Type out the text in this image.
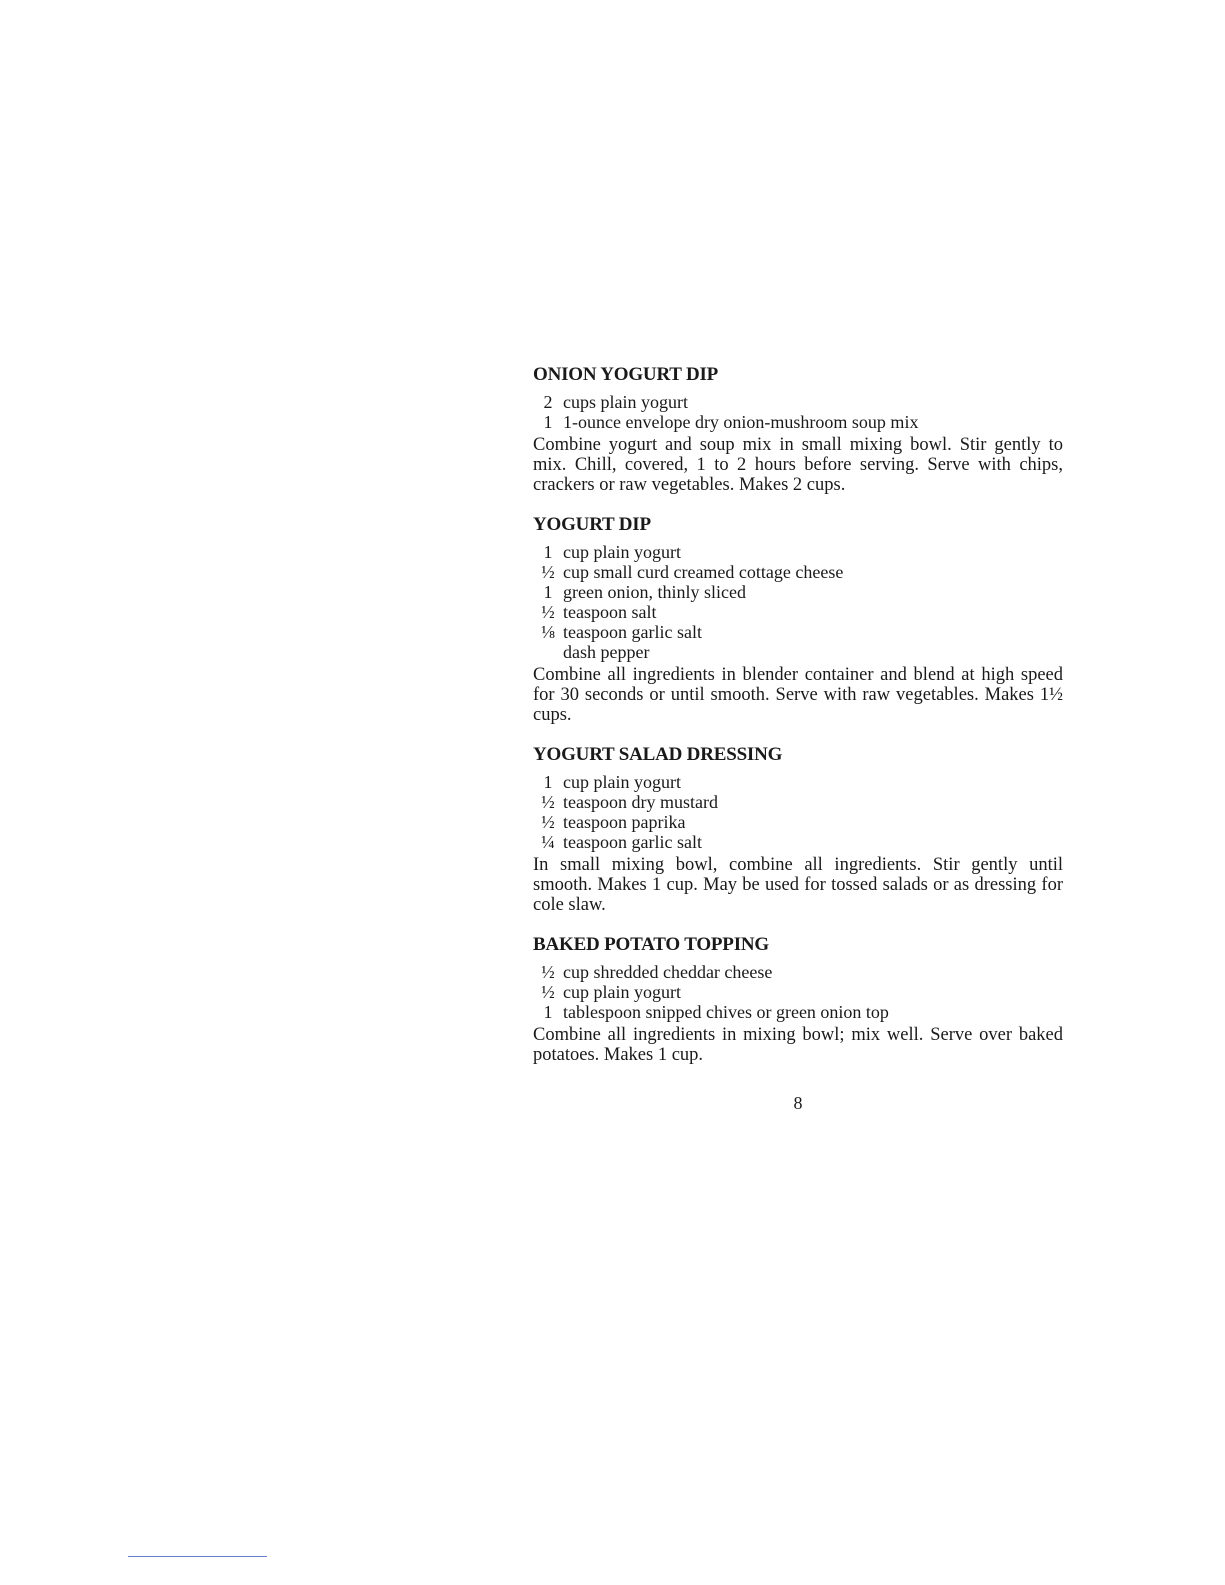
ONION YOGURT DIP
2 cups plain yogurt
1 1-ounce envelope dry onion-mushroom soup mix

Combine yogurt and soup mix in small mixing bowl. Stir gently to mix. Chill, covered, 1 to 2 hours before serving. Serve with chips, crackers or raw vegetables. Makes 2 cups.

YOGURT DIP
1 cup plain yogurt
½ cup small curd creamed cottage cheese
1 green onion, thinly sliced
½ teaspoon salt
⅛ teaspoon garlic salt
dash pepper

Combine all ingredients in blender container and blend at high speed for 30 seconds or until smooth. Serve with raw vegetables. Makes 1½ cups.

YOGURT SALAD DRESSING
1 cup plain yogurt
½ teaspoon dry mustard
½ teaspoon paprika
¼ teaspoon garlic salt

In small mixing bowl, combine all ingredients. Stir gently until smooth. Makes 1 cup. May be used for tossed salads or as dressing for cole slaw.

BAKED POTATO TOPPING
½ cup shredded cheddar cheese
½ cup plain yogurt
1 tablespoon snipped chives or green onion top

Combine all ingredients in mixing bowl; mix well. Serve over baked potatoes. Makes 1 cup.

8
